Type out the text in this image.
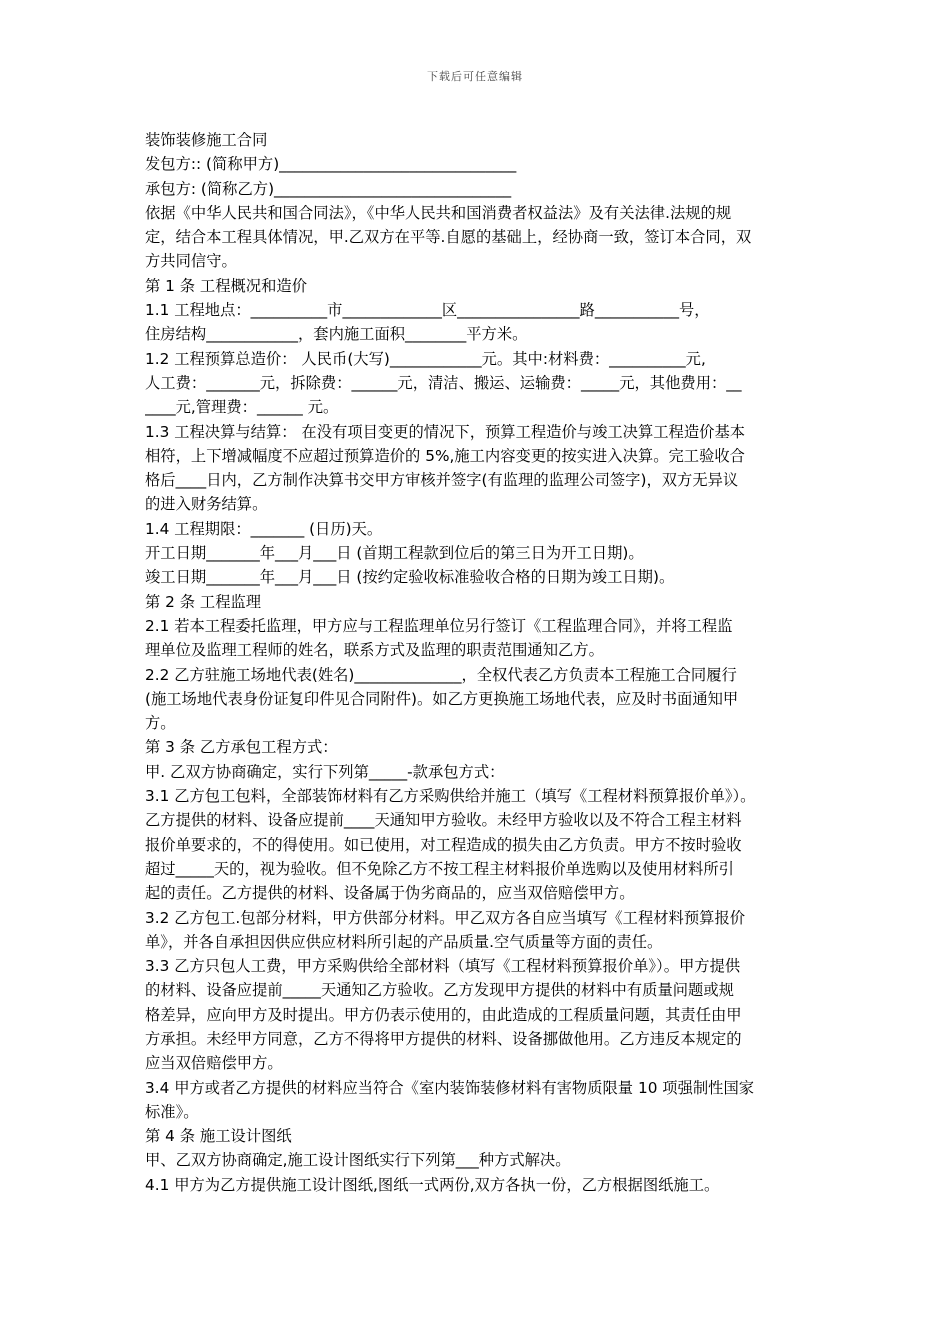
下载后可任意编辑
装饰装修施工合同
发包方:: (简称甲方)_______________________________
承包方: (简称乙方)_______________________________
依据《中华人民共和国合同法》，《中华人民共和国消费者权益法》及有关法律.法规的规
定，结合本工程具体情况，甲.乙双方在平等.自愿的基础上，经协商一致，签订本合同，双
方共同信守。
第 1 条 工程概况和造价
1.1 工程地点：__________市_____________区________________路___________号，
住房结构____________，套内施工面积________平方米。
1.2 工程预算总造价： 人民币(大写)____________元。其中:材料费：__________元,
人工费：_______元，拆除费：______元，清洁、搬运、运输费：_____元，其他费用：__
____元,管理费：______ 元。
1.3 工程决算与结算： 在没有项目变更的情况下，预算工程造价与竣工决算工程造价基本
相符，上下增减幅度不应超过预算造价的 5%,施工内容变更的按实进入决算。完工验收合
格后____日内，乙方制作决算书交甲方审核并签字(有监理的监理公司签字)，双方无异议
的进入财务结算。
1.4 工程期限：_______ (日历)天。
开工日期_______年___月___日 (首期工程款到位后的第三日为开工日期)。
竣工日期_______年___月___日 (按约定验收标准验收合格的日期为竣工日期)。
第 2 条 工程监理
2.1 若本工程委托监理，甲方应与工程监理单位另行签订《工程监理合同》，并将工程监
理单位及监理工程师的姓名，联系方式及监理的职责范围通知乙方。
2.2 乙方驻施工场地代表(姓名)______________，全权代表乙方负责本工程施工合同履行
(施工场地代表身份证复印件见合同附件)。如乙方更换施工场地代表，应及时书面通知甲
方。
第 3 条 乙方承包工程方式：
甲. 乙双方协商确定，实行下列第_____-款承包方式：
3.1 乙方包工包料，全部装饰材料有乙方采购供给并施工（填写《工程材料预算报价单》）。
乙方提供的材料、设备应提前____天通知甲方验收。未经甲方验收以及不符合工程主材料
报价单要求的，不的得使用。如已使用，对工程造成的损失由乙方负责。甲方不按时验收
超过_____天的，视为验收。但不免除乙方不按工程主材料报价单选购以及使用材料所引
起的责任。乙方提供的材料、设备属于伪劣商品的，应当双倍赔偿甲方。
3.2 乙方包工.包部分材料，甲方供部分材料。甲乙双方各自应当填写《工程材料预算报价
单》，并各自承担因供应供应材料所引起的产品质量.空气质量等方面的责任。
3.3 乙方只包人工费，甲方采购供给全部材料（填写《工程材料预算报价单》）。甲方提供
的材料、设备应提前_____天通知乙方验收。乙方发现甲方提供的材料中有质量问题或规
格差异，应向甲方及时提出。甲方仍表示使用的，由此造成的工程质量问题，其责任由甲
方承担。未经甲方同意，乙方不得将甲方提供的材料、设备挪做他用。乙方违反本规定的
应当双倍赔偿甲方。
3.4 甲方或者乙方提供的材料应当符合《室内装饰装修材料有害物质限量 10 项强制性国家
标准》。
第 4 条 施工设计图纸
甲、乙双方协商确定,施工设计图纸实行下列第___种方式解决。
4.1 甲方为乙方提供施工设计图纸,图纸一式两份,双方各执一份，乙方根据图纸施工。
